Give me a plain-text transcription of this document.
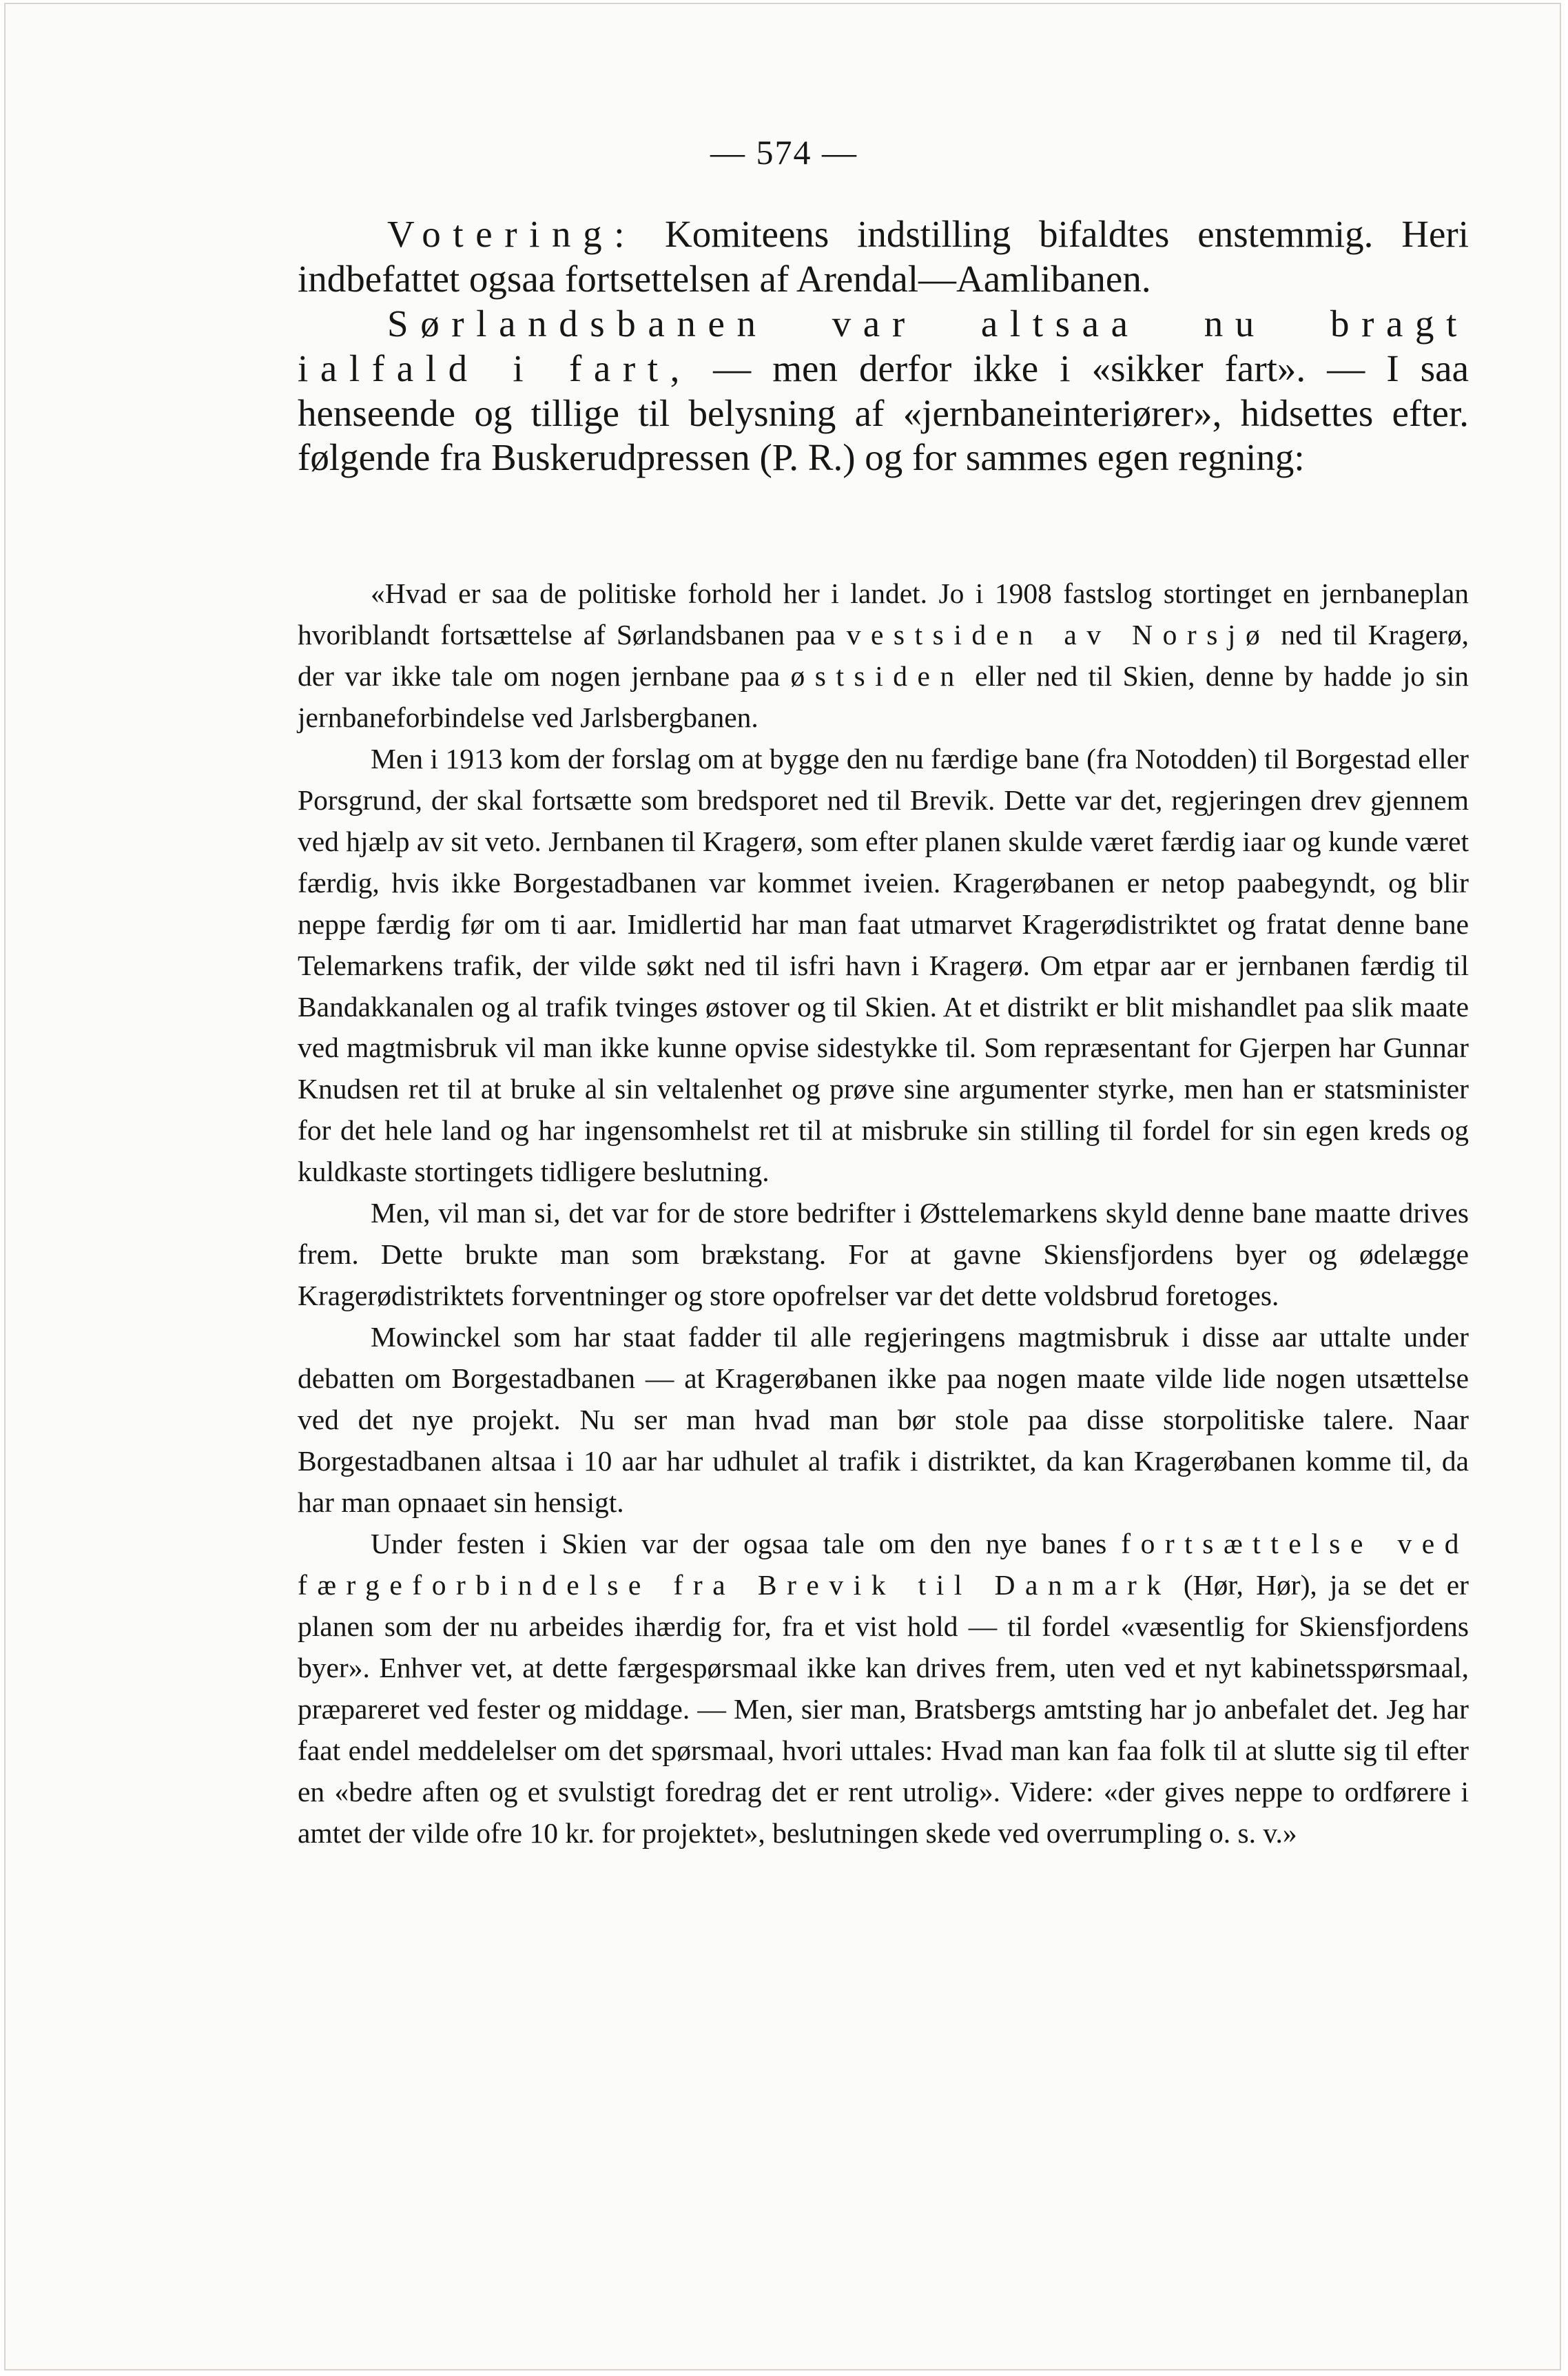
— 574 —

Votering: Komiteens indstilling bifaldtes enstemmig. Heri indbefattet ogsaa fortsettelsen af Arendal—Aamlibanen.

Sørlandsbanen var altsaa nu bragt ialfald i fart, — men derfor ikke i «sikker fart». — I saa henseende og tillige til belysning af «jernbaneinteriører», hidsettes efter. følgende fra Buskerudpressen (P. R.) og for sammes egen regning:

«Hvad er saa de politiske forhold her i landet. Jo i 1908 fastslog stortinget en jernbaneplan hvoriblandt fortsættelse af Sørlandsbanen paa vestsiden av Norsjø ned til Kragerø, der var ikke tale om nogen jernbane paa østsiden eller ned til Skien, denne by hadde jo sin jernbaneforbindelse ved Jarlsbergbanen.

Men i 1913 kom der forslag om at bygge den nu færdige bane (fra Notodden) til Borgestad eller Porsgrund, der skal fortsætte som bredsporet ned til Brevik. Dette var det, regjeringen drev gjennem ved hjælp av sit veto. Jernbanen til Kragerø, som efter planen skulde været færdig iaar og kunde været færdig, hvis ikke Borgestadbanen var kommet iveien. Kragerøbanen er netop paabegyndt, og blir neppe færdig før om ti aar. Imidlertid har man faat utmarvet Kragerødistriktet og fratat denne bane Telemarkens trafik, der vilde søkt ned til isfri havn i Kragerø. Om etpar aar er jernbanen færdig til Bandakkanalen og al trafik tvinges østover og til Skien. At et distrikt er blit mishandlet paa slik maate ved magtmisbruk vil man ikke kunne opvise sidestykke til. Som repræsentant for Gjerpen har Gunnar Knudsen ret til at bruke al sin veltalenhet og prøve sine argumenter styrke, men han er statsminister for det hele land og har ingensomhelst ret til at misbruke sin stilling til fordel for sin egen kreds og kuldkaste stortingets tidligere beslutning.

Men, vil man si, det var for de store bedrifter i Østtelemarkens skyld denne bane maatte drives frem. Dette brukte man som brækstang. For at gavne Skiensfjordens byer og ødelægge Kragerødistriktets forventninger og store opofrelser var det dette voldsbrud foretoges.

Mowinckel som har staat fadder til alle regjeringens magtmisbruk i disse aar uttalte under debatten om Borgestadbanen — at Kragerøbanen ikke paa nogen maate vilde lide nogen utsættelse ved det nye projekt. Nu ser man hvad man bør stole paa disse storpolitiske talere. Naar Borgestadbanen altsaa i 10 aar har udhulet al trafik i distriktet, da kan Kragerøbanen komme til, da har man opnaaet sin hensigt.

Under festen i Skien var der ogsaa tale om den nye banes fortsættelse ved færgeforbindelse fra Brevik til Danmark (Hør, Hør), ja se det er planen som der nu arbeides ihærdig for, fra et vist hold — til fordel «væsentlig for Skiensfjordens byer». Enhver vet, at dette færgespørsmaal ikke kan drives frem, uten ved et nyt kabinetsspørsmaal, præpareret ved fester og middage. — Men, sier man, Bratsbergs amtsting har jo anbefalet det. Jeg har faat endel meddelelser om det spørsmaal, hvori uttales: Hvad man kan faa folk til at slutte sig til efter en «bedre aften og et svulstigt foredrag det er rent utrolig». Videre: «der gives neppe to ordførere i amtet der vilde ofre 10 kr. for projektet», beslutningen skede ved overrumpling o. s. v.»
